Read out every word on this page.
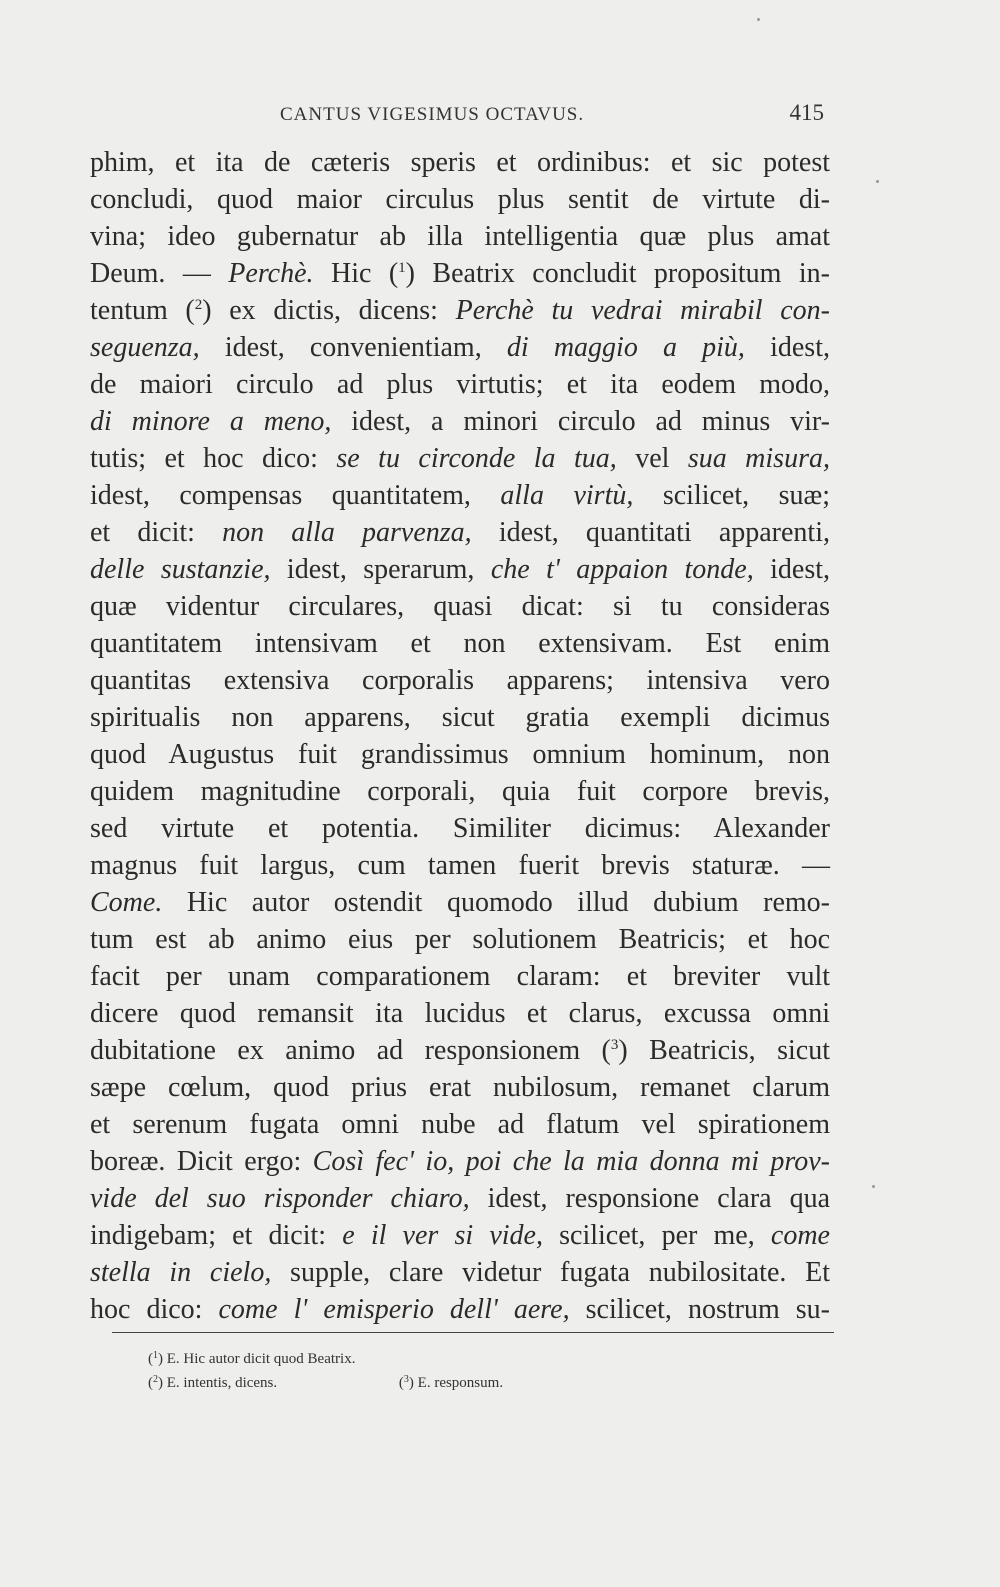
CANTUS VIGESIMUS OCTAVUS.	415
phim, et ita de cæteris speris et ordinibus: et sic potest
concludi, quod maior circulus plus sentit de virtute di-
vina; ideo gubernatur ab illa intelligentia quæ plus amat
Deum. — Perchè. Hic ($^1$) Beatrix concludit propositum in-
tentum ($^2$) ex dictis, dicens: Perchè tu vedrai mirabil con-
seguenza, idest, convenientiam, di maggio a più, idest,
de maiori circulo ad plus virtutis; et ita eodem modo,
di minore a meno, idest, a minori circulo ad minus vir-
tutis; et hoc dico: se tu circonde la tua, vel sua misura,
idest, compensas quantitatem, alla virtù, scilicet, suæ;
et dicit: non alla parvenza, idest, quantitati apparenti,
delle sustanzie, idest, sperarum, che t' appaion tonde, idest,
quæ videntur circulares, quasi dicat: si tu consideras
quantitatem intensivam et non extensivam. Est enim
quantitas extensiva corporalis apparens; intensiva vero
spiritualis non apparens, sicut gratia exempli dicimus
quod Augustus fuit grandissimus omnium hominum, non
quidem magnitudine corporali, quia fuit corpore brevis,
sed virtute et potentia. Similiter dicimus: Alexander
magnus fuit largus, cum tamen fuerit brevis staturæ. —
Come. Hic autor ostendit quomodo illud dubium remo-
tum est ab animo eius per solutionem Beatricis; et hoc
facit per unam comparationem claram: et breviter vult
dicere quod remansit ita lucidus et clarus, excussa omni
dubitatione ex animo ad responsionem ($^3$) Beatricis, sicut
sæpe cœlum, quod prius erat nubilosum, remanet clarum
et serenum fugata omni nube ad flatum vel spirationem
boreæ. Dicit ergo: Così fec' io, poi che la mia donna mi prov-
vide del suo risponder chiaro, idest, responsione clara qua
indigebam; et dicit: e il ver si vide, scilicet, per me, come
stella in cielo, supple, clare videtur fugata nubilositate. Et
hoc dico: come l' emisperio dell' aere, scilicet, nostrum su-
($^1$) E. Hic autor dicit quod Beatrix.
($^2$) E. intentis, dicens.	($^3$) E. responsum.
